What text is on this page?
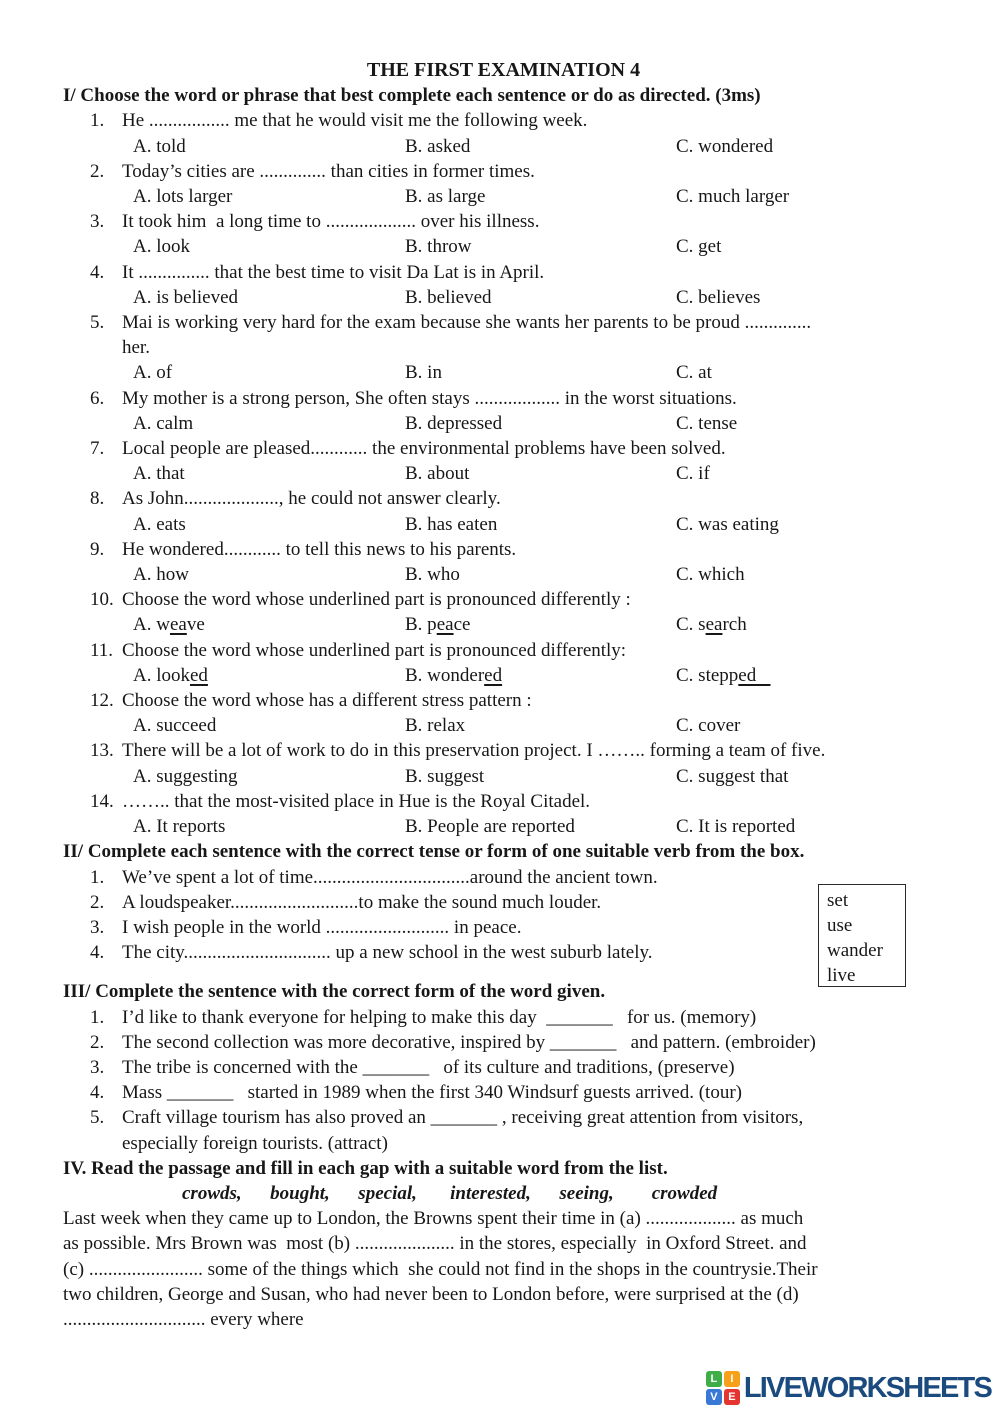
THE FIRST EXAMINATION 4
I/ Choose the word or phrase that best complete each sentence or do as directed. (3ms)
1. He ................. me that he would visit me the following week.
A. told	B. asked	C. wondered
2. Today’s cities are .............. than cities in former times.
A. lots larger	B. as large	C. much larger
3. It took him  a long time to ................... over his illness.
A. look	B. throw	C. get
4. It ............... that the best time to visit Da Lat is in April.
A. is believed	B. believed	C. believes
5. Mai is working very hard for the exam because she wants her parents to be proud ..............
her.
A. of	B. in	C. at
6. My mother is a strong person, She often stays .................. in the worst situations.
A. calm	B. depressed	C. tense
7. Local people are pleased............ the environmental problems have been solved.
A. that	B. about	C. if
8. As John...................., he could not answer clearly.
A. eats	B. has eaten	C. was eating
9. He wondered............ to tell this news to his parents.
A. how	B. who	C. which
10. Choose the word whose underlined part is pronounced differently :
A. weave	B. peace	C. search
11. Choose the word whose underlined part is pronounced differently:
A. looked	B. wondered	C. stepped
12. Choose the word whose has a different stress pattern :
A. succeed	B. relax	C. cover
13. There will be a lot of work to do in this preservation project. I …….. forming a team of five.
A. suggesting	B. suggest	C. suggest that
14. …….. that the most-visited place in Hue is the Royal Citadel.
A. It reports	B. People are reported	C. It is reported
II/ Complete each sentence with the correct tense or form of one suitable verb from the box.
1. We’ve spent a lot of time.................................around the ancient town.
2. A loudspeaker...........................to make the sound much louder.
3. I wish people in the world .......................... in peace.
4. The city............................... up a new school in the west suburb lately.
set
use
wander
live
III/ Complete the sentence with the correct form of the word given.
1. I’d like to thank everyone for helping to make this day  _______   for us. (memory)
2. The second collection was more decorative, inspired by _______   and pattern. (embroider)
3. The tribe is concerned with the _______   of its culture and traditions, (preserve)
4. Mass _______   started in 1989 when the first 340 Windsurf guests arrived. (tour)
5. Craft village tourism has also proved an _______ , receiving great attention from visitors,
especially foreign tourists. (attract)
IV. Read the passage and fill in each gap with a suitable word from the list.
crowds,      bought,      special,       interested,      seeing,        crowded
Last week when they came up to London, the Browns spent their time in (a) ................... as much
as possible. Mrs Brown was  most (b) ..................... in the stores, especially  in Oxford Street. and
(c) ........................ some of the things which  she could not find in the shops in the countrysie.Their
two children, George and Susan, who had never been to London before, were surprised at the (d)
.............................. every where
L	I
V E LIVEWORKSHEETS
